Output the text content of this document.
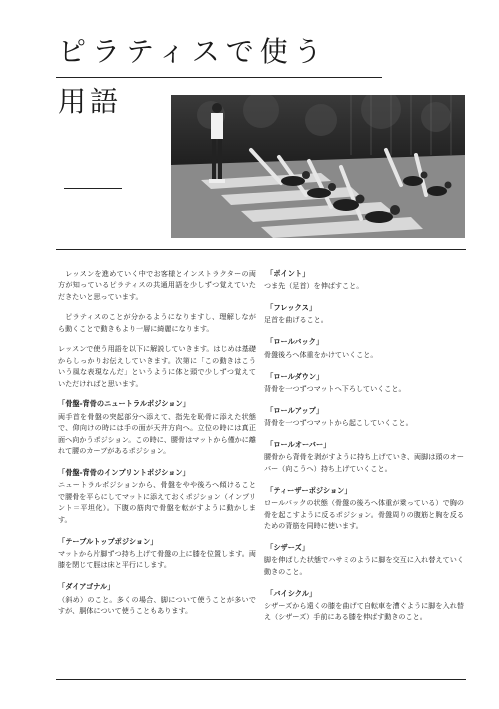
ピラティスで使う
用語

レッスンを進めていく中でお客様とインストラクターの両方が知っているピラティスの共通用語を少しずつ覚えていただきたいと思っています。

ピラティスのことが分かるようになりますし、理解しながら動くことで動きもより一層に綺麗になります。

レッスンで使う用語を以下に解説していきます。はじめは基礎からしっかりお伝えしていきます。次第に「この動きはこういう風な表現なんだ」というように体と頭で少しずつ覚えていただければと思います。

「骨盤-背骨のニュートラルポジション」

両手首を骨盤の突起部分へ添えて、指先を恥骨に添えた状態で、仰向けの時には手の面が天井方向へ。立位の時には真正面へ向かうポジション。この時に、腰骨はマットから僅かに離れて腰のカーブがあるポジション。

「骨盤-背骨のインプリントポジション」

ニュートラルポジションから、骨盤をやや後ろへ傾けることで腰骨を平らにしてマットに添えておくポジション（インプリント＝平坦化）。下腹の筋肉で骨盤を転がすように動かします。

「テーブルトップポジション」

マットから片脚ずつ持ち上げて骨盤の上に膝を位置します。両膝を閉じて脛は床と平行にします。

「ダイアゴナル」

（斜め）のこと。多くの場合、脚について使うことが多いですが、胴体について使うこともあります。

「ポイント」

つま先（足首）を伸ばすこと。

「フレックス」

足首を曲げること。

「ロールバック」

骨盤後ろへ体重をかけていくこと。

「ロールダウン」

背骨を一つずつマットへ下ろしていくこと。

「ロールアップ」

背骨を一つずつマットから起こしていくこと。

「ロールオーバー」

腰骨から背骨を剥がすように持ち上げていき、両脚は頭のオーバー（向こうへ）持ち上げていくこと。

「ティーザーポジション」

ロールバックの状態（骨盤の後ろへ体重が乗っている）で胸の骨を起こすように反るポジション。骨盤周りの腹筋と胸を反るための背筋を同時に使います。

「シザーズ」

脚を伸ばした状態でハサミのように脚を交互に入れ替えていく動きのこと。

「バイシクル」

シザーズから遠くの膝を曲げて自転車を漕ぐように脚を入れ替え（シザーズ）手前にある膝を伸ばす動きのこと。
